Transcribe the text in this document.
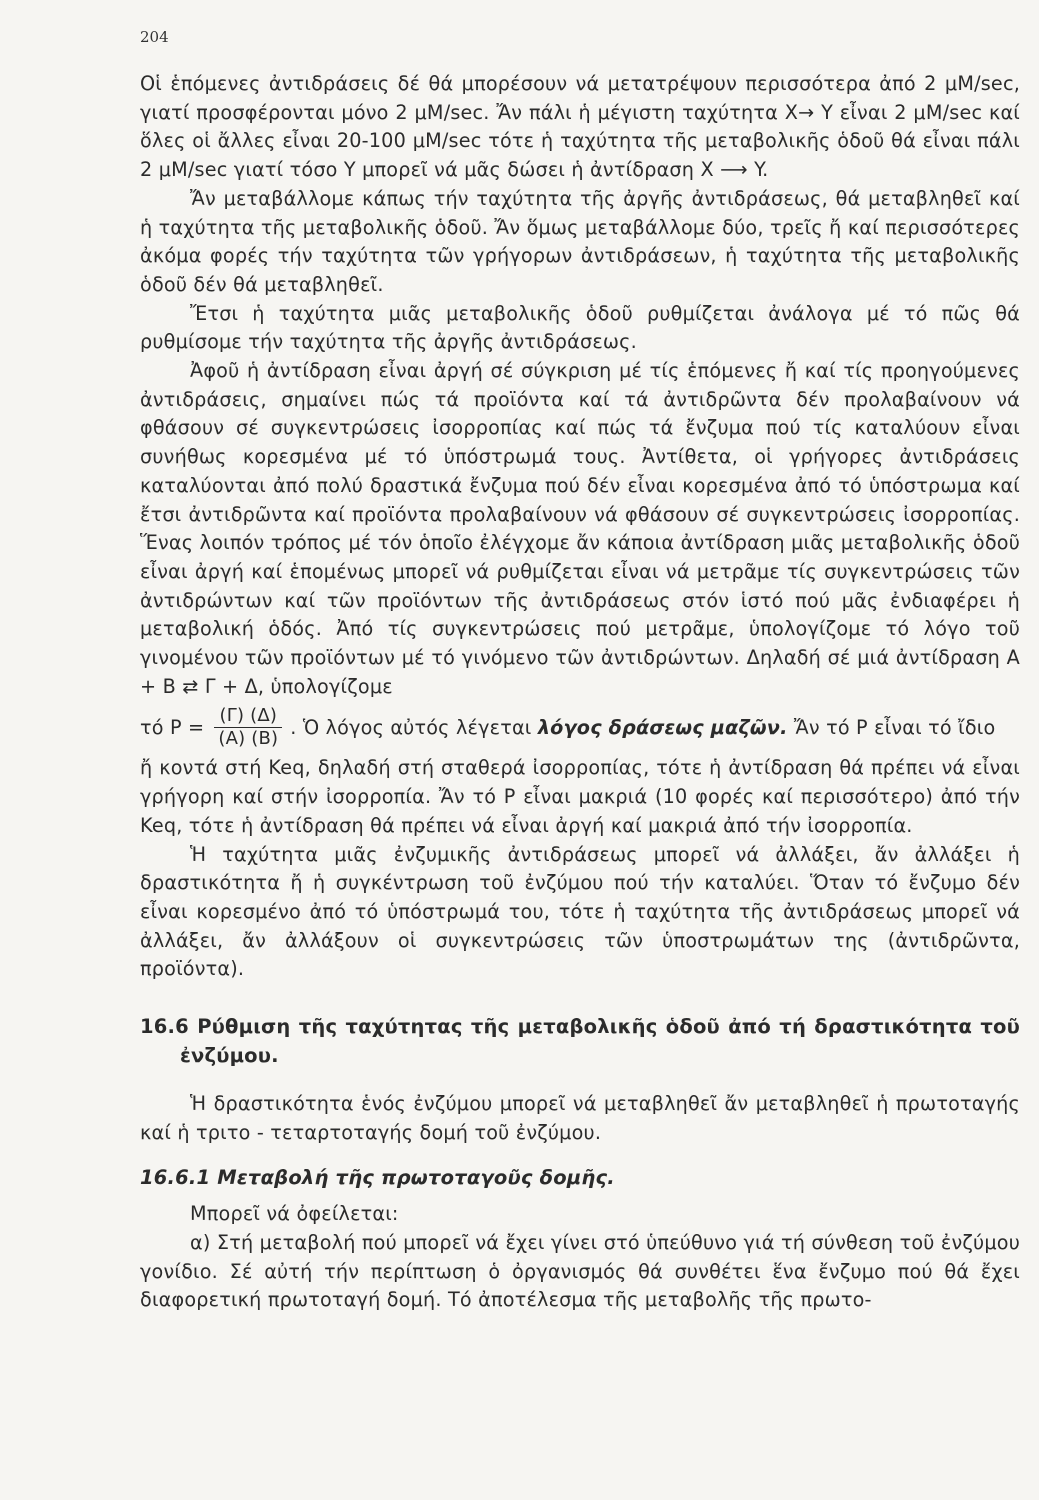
204

Οἱ ἑπόμενες ἀντιδράσεις δέ θά μπορέσουν νά μετατρέψουν περισσότερα ἀπό 2 μM/sec, γιατί προσφέρονται μόνο 2 μM/sec. Ἄν πάλι ἡ μέγιστη ταχύτητα X→ Y εἶναι 2 μM/sec καί ὅλες οἱ ἄλλες εἶναι 20-100 μM/sec τότε ἡ ταχύτητα τῆς μεταβολικῆς ὁδοῦ θά εἶναι πάλι 2 μM/sec γιατί τόσο Y μπορεῖ νά μᾶς δώσει ἡ ἀντίδραση X ⟶ Y.

Ἄν μεταβάλλομε κάπως τήν ταχύτητα τῆς ἀργῆς ἀντιδράσεως, θά μεταβληθεῖ καί ἡ ταχύτητα τῆς μεταβολικῆς ὁδοῦ. Ἄν ὅμως μεταβάλλομε δύο, τρεῖς ἤ καί περισσότερες ἀκόμα φορές τήν ταχύτητα τῶν γρήγορων ἀντιδράσεων, ἡ ταχύτητα τῆς μεταβολικῆς ὁδοῦ δέν θά μεταβληθεῖ.

Ἔτσι ἡ ταχύτητα μιᾶς μεταβολικῆς ὁδοῦ ρυθμίζεται ἀνάλογα μέ τό πῶς θά ρυθμίσομε τήν ταχύτητα τῆς ἀργῆς ἀντιδράσεως.

Ἀφοῦ ἡ ἀντίδραση εἶναι ἀργή σέ σύγκριση μέ τίς ἑπόμενες ἤ καί τίς προηγούμενες ἀντιδράσεις, σημαίνει πώς τά προϊόντα καί τά ἀντιδρῶντα δέν προλαβαίνουν νά φθάσουν σέ συγκεντρώσεις ἰσορροπίας καί πώς τά ἔνζυμα πού τίς καταλύουν εἶναι συνήθως κορεσμένα μέ τό ὑπόστρωμά τους. Ἀντίθετα, οἱ γρήγορες ἀντιδράσεις καταλύονται ἀπό πολύ δραστικά ἔνζυμα πού δέν εἶναι κορεσμένα ἀπό τό ὑπόστρωμα καί ἔτσι ἀντιδρῶντα καί προϊόντα προλαβαίνουν νά φθάσουν σέ συγκεντρώσεις ἰσορροπίας. Ἕνας λοιπόν τρόπος μέ τόν ὁποῖο ἐλέγχομε ἄν κάποια ἀντίδραση μιᾶς μεταβολικῆς ὁδοῦ εἶναι ἀργή καί ἑπομένως μπορεῖ νά ρυθμίζεται εἶναι νά μετρᾶμε τίς συγκεντρώσεις τῶν ἀντιδρώντων καί τῶν προϊόντων τῆς ἀντιδράσεως στόν ἱστό πού μᾶς ἐνδιαφέρει ἡ μεταβολική ὁδός. Ἀπό τίς συγκεντρώσεις πού μετρᾶμε, ὑπολογίζομε τό λόγο τοῦ γινομένου τῶν προϊόντων μέ τό γινόμενο τῶν ἀντιδρώντων. Δηλαδή σέ μιά ἀντίδραση A + B ⇄ Γ + Δ, ὑπολογίζομε

τό $P = \frac{(\Gamma) (\Delta)}{(A) (B)}$ . Ὁ λόγος αὐτός λέγεται
λόγος δράσεως μαζῶν.
Ἄν τό P εἶναι τό ἴδιο

ἤ κοντά στή Keq, δηλαδή στή σταθερά ἰσορροπίας, τότε ἡ ἀντίδραση θά πρέπει νά εἶναι γρήγορη καί στήν ἰσορροπία. Ἄν τό P εἶναι μακριά (10 φορές καί περισσότερο) ἀπό τήν Keq, τότε ἡ ἀντίδραση θά πρέπει νά εἶναι ἀργή καί μακριά ἀπό τήν ἰσορροπία.

Ἡ ταχύτητα μιᾶς ἐνζυμικῆς ἀντιδράσεως μπορεῖ νά ἀλλάξει, ἄν ἀλλάξει ἡ δραστικότητα ἤ ἡ συγκέντρωση τοῦ ἐνζύμου πού τήν καταλύει. Ὅταν τό ἔνζυμο δέν εἶναι κορεσμένο ἀπό τό ὑπόστρωμά του, τότε ἡ ταχύτητα τῆς ἀντιδράσεως μπορεῖ νά ἀλλάξει, ἄν ἀλλάξουν οἱ συγκεντρώσεις τῶν ὑποστρωμάτων της (ἀντιδρῶντα, προϊόντα).

16.6 Ρύθμιση τῆς ταχύτητας τῆς μεταβολικῆς ὁδοῦ ἀπό τή δραστικότητα τοῦ ἐνζύμου.

Ἡ δραστικότητα ἑνός ἐνζύμου μπορεῖ νά μεταβληθεῖ ἄν μεταβληθεῖ ἡ πρωτοταγής καί ἡ τριτο - τεταρτοταγής δομή τοῦ ἐνζύμου.

16.6.1 Μεταβολή τῆς πρωτοταγοῦς δομῆς.

Μπορεῖ νά ὀφείλεται:

α) Στή μεταβολή πού μπορεῖ νά ἔχει γίνει στό ὑπεύθυνο γιά τή σύνθεση τοῦ ἐνζύμου γονίδιο. Σέ αὐτή τήν περίπτωση ὁ ὀργανισμός θά συνθέτει ἕνα ἔνζυμο πού θά ἔχει διαφορετική πρωτοταγή δομή. Τό ἀποτέλεσμα τῆς μεταβολῆς τῆς πρωτο-
